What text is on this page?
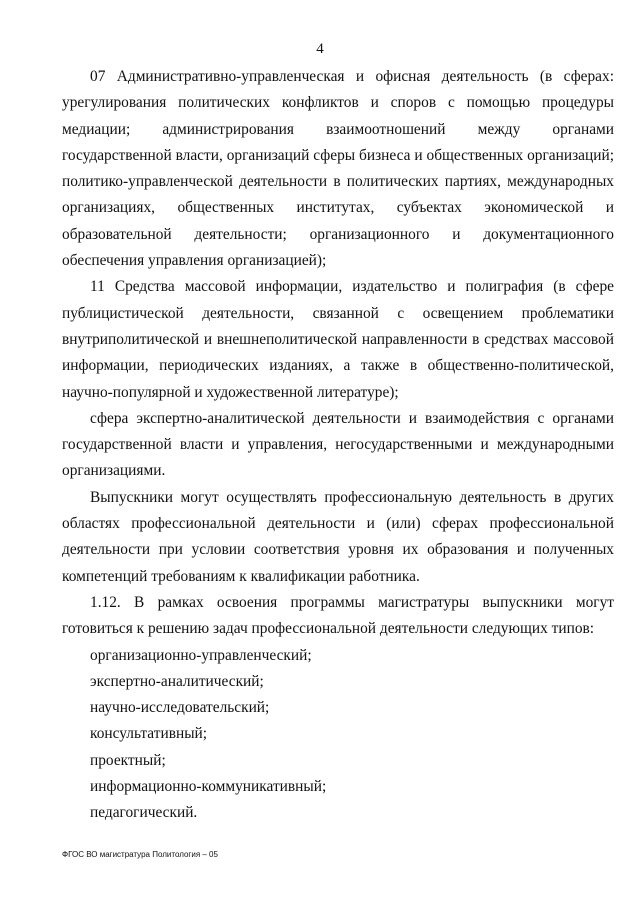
4

07 Административно-управленческая и офисная деятельность (в сферах: урегулирования политических конфликтов и споров с помощью процедуры медиации; администрирования взаимоотношений между органами государственной власти, организаций сферы бизнеса и общественных организаций; политико-управленческой деятельности в политических партиях, международных организациях, общественных институтах, субъектах экономической и образовательной деятельности; организационного и документационного обеспечения управления организацией);

11 Средства массовой информации, издательство и полиграфия (в сфере публицистической деятельности, связанной с освещением проблематики внутриполитической и внешнеполитической направленности в средствах массовой информации, периодических изданиях, а также в общественно-политической, научно-популярной и художественной литературе);

сфера экспертно-аналитической деятельности и взаимодействия с органами государственной власти и управления, негосударственными и международными организациями.

Выпускники могут осуществлять профессиональную деятельность в других областях профессиональной деятельности и (или) сферах профессиональной деятельности при условии соответствия уровня их образования и полученных компетенций требованиям к квалификации работника.

1.12. В рамках освоения программы магистратуры выпускники могут готовиться к решению задач профессиональной деятельности следующих типов:

организационно-управленческий;
экспертно-аналитический;
научно-исследовательский;
консультативный;
проектный;
информационно-коммуникативный;
педагогический.
ФГОС ВО магистратура Политология – 05
